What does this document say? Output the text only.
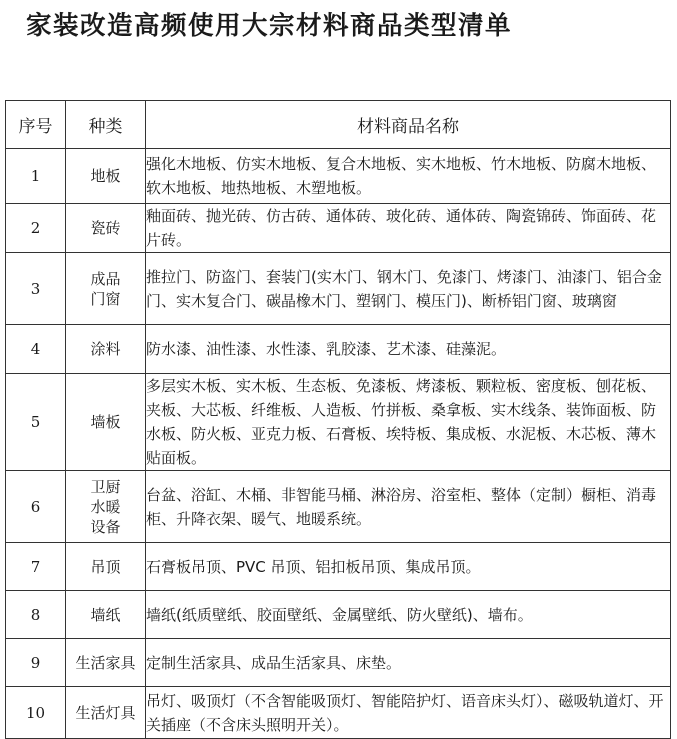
家装改造高频使用大宗材料商品类型清单
序号	种类	材料商品名称
1	地板	强化木地板、仿实木地板、复合木地板、实木地板、竹木地板、防腐木地板、软木地板、地热地板、木塑地板。
2	瓷砖	釉面砖、抛光砖、仿古砖、通体砖、玻化砖、通体砖、陶瓷锦砖、饰面砖、花片砖。
3	成品门窗	推拉门、防盗门、套装门(实木门、钢木门、免漆门、烤漆门、油漆门、铝合金门、实木复合门、碳晶橡木门、塑钢门、模压门)、断桥铝门窗、玻璃窗
4	涂料	防水漆、油性漆、水性漆、乳胶漆、艺术漆、硅藻泥。
5	墙板	多层实木板、实木板、生态板、免漆板、烤漆板、颗粒板、密度板、刨花板、夹板、大芯板、纤维板、人造板、竹拼板、桑拿板、实木线条、装饰面板、防水板、防火板、亚克力板、石膏板、埃特板、集成板、水泥板、木芯板、薄木贴面板。
6	卫厨水暖设备	台盆、浴缸、木桶、非智能马桶、淋浴房、浴室柜、整体（定制）橱柜、消毒柜、升降衣架、暖气、地暖系统。
7	吊顶	石膏板吊顶、PVC 吊顶、铝扣板吊顶、集成吊顶。
8	墙纸	墙纸(纸质壁纸、胶面壁纸、金属壁纸、防火壁纸)、墙布。
9	生活家具	定制生活家具、成品生活家具、床垫。
10	生活灯具	吊灯、吸顶灯（不含智能吸顶灯、智能陪护灯、语音床头灯）、磁吸轨道灯、开关插座（不含床头照明开关）。
